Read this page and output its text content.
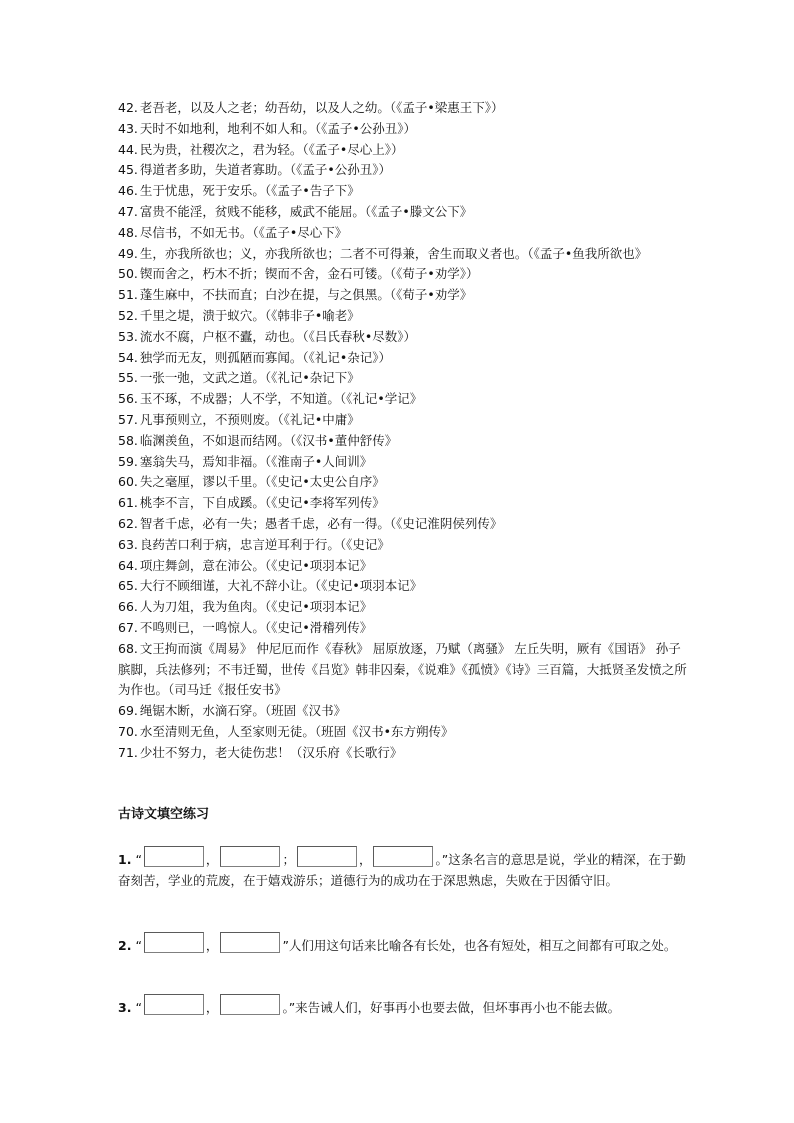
42. 老吾老，以及人之老；幼吾幼，以及人之幼。（《孟子•梁惠王下》）
43. 天时不如地利，地利不如人和。（《孟子•公孙丑》）
44. 民为贵，社稷次之，君为轻。（《孟子•尽心上》）
45. 得道者多助，失道者寡助。（《孟子•公孙丑》）
46. 生于忧患，死于安乐。（《孟子•告子下》
47. 富贵不能淫，贫贱不能移，威武不能屈。（《孟子•滕文公下》
48. 尽信书，不如无书。（《孟子•尽心下》
49. 生，亦我所欲也；义，亦我所欲也；二者不可得兼，舍生而取义者也。（《孟子•鱼我所欲也》
50. 锲而舍之，朽木不折；锲而不舍，金石可镂。（《荀子•劝学》）
51. 蓬生麻中，不扶而直；白沙在提，与之俱黑。（《荀子•劝学》
52. 千里之堤，溃于蚁穴。（《韩非子•喻老》
53. 流水不腐，户枢不蠹，动也。（《吕氏春秋•尽数》）
54. 独学而无友，则孤陋而寡闻。（《礼记•杂记》）
55. 一张一弛，文武之道。（《礼记•杂记下》
56. 玉不琢，不成器；人不学，不知道。（《礼记•学记》
57. 凡事预则立，不预则废。（《礼记•中庸》
58. 临渊羡鱼，不如退而结网。（《汉书•董仲舒传》
59. 塞翁失马，焉知非福。（《淮南子•人间训》
60. 失之毫厘，谬以千里。（《史记•太史公自序》
61. 桃李不言，下自成蹊。（《史记•李将军列传》
62. 智者千虑，必有一失；愚者千虑，必有一得。（《史记淮阴侯列传》
63. 良药苦口利于病，忠言逆耳利于行。（《史记》
64. 项庄舞剑，意在沛公。（《史记•项羽本记》
65. 大行不顾细谨，大礼不辞小让。（《史记•项羽本记》
66. 人为刀俎，我为鱼肉。（《史记•项羽本记》
67. 不鸣则已，一鸣惊人。（《史记•滑稽列传》
68. 文王拘而演《周易》 仲尼厄而作《春秋》 屈原放逐，乃赋（离骚》 左丘失明，厥有《国语》 孙子膑脚，兵法修列；不韦迁蜀，世传《吕览》韩非囚秦，《说难》《孤愤》《诗》三百篇，大抵贤圣发愤之所为作也。（司马迁《报任安书》
69. 绳锯木断，水滴石穿。（班固《汉书》
70. 水至清则无鱼，人至家则无徒。（班固《汉书•东方朔传》
71. 少壮不努力，老大徒伤悲！（汉乐府《长歌行》
古诗文填空练习
1. “	，	；	，	。”这条名言的意思是说，学业的精深，在于勤奋刻苦，学业的荒废，在于嬉戏游乐；道德行为的成功在于深思熟虑，失败在于因循守旧。
2. “	，	”人们用这句话来比喻各有长处，也各有短处，相互之间都有可取之处。
3. “	，	。”来告诫人们，好事再小也要去做，但坏事再小也不能去做。
